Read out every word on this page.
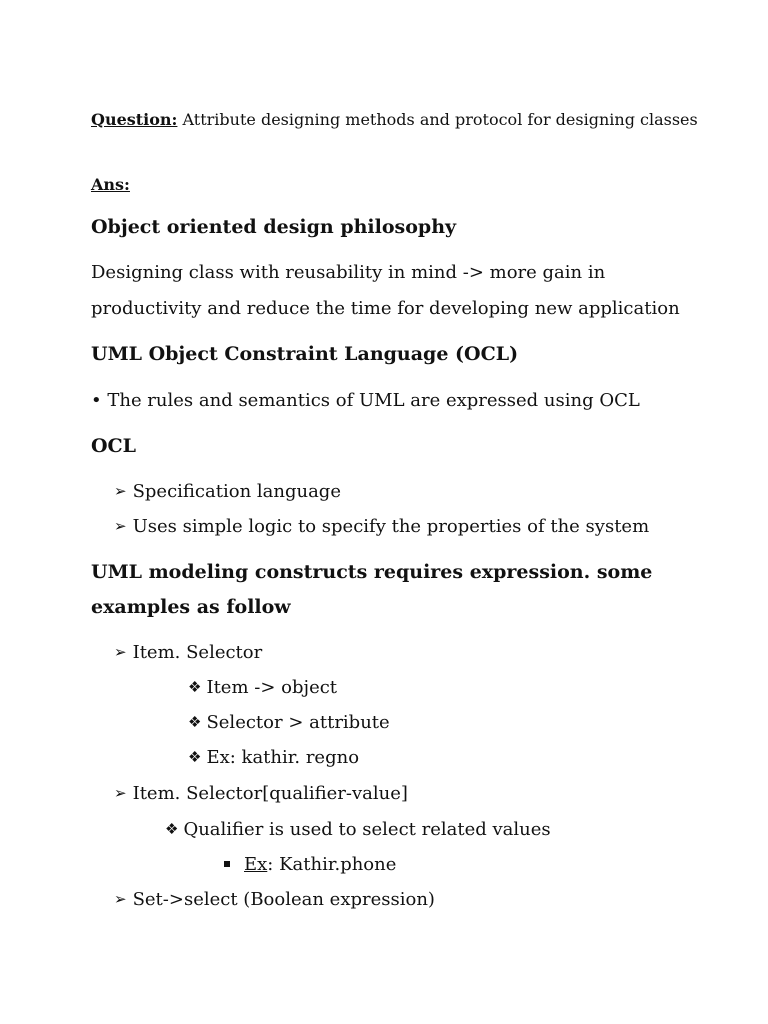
Question: Attribute designing methods and protocol for designing classes
Ans:
Object oriented design philosophy
Designing class with reusability in mind -> more gain in
productivity and reduce the time for developing new application
UML Object Constraint Language (OCL)
• The rules and semantics of UML are expressed using OCL
OCL
➢ Specification language
➢ Uses simple logic to specify the properties of the system
UML modeling constructs requires expression. some
examples as follow
➢ Item. Selector
❖ Item -> object
❖ Selector > attribute
❖ Ex: kathir. regno
➢ Item. Selector[qualifier-value]
❖ Qualifier is used to select related values
Ex: Kathir.phone
➢ Set->select (Boolean expression)
